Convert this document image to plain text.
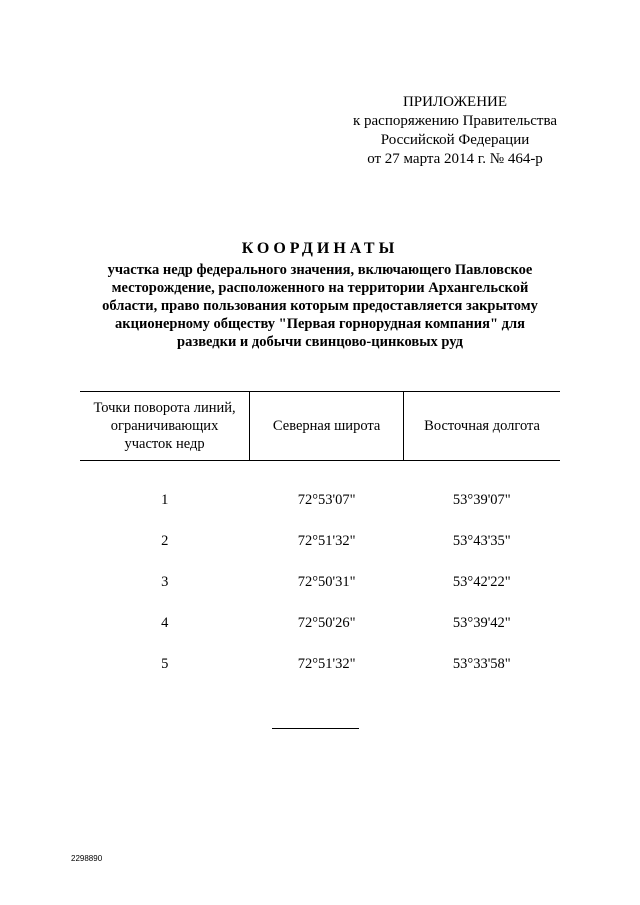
ПРИЛОЖЕНИЕ
к распоряжению Правительства
Российской Федерации
от 27 марта 2014 г. № 464-р
КООРДИНАТЫ
участка недр федерального значения, включающего Павловское
месторождение, расположенного на территории Архангельской
области, право пользования которым предоставляется закрытому
акционерному обществу "Первая горнорудная компания" для
разведки и добычи свинцово-цинковых руд
Точки поворота линий,
ограничивающих
участок недр	Северная широта	Восточная долгота
1	72°53'07"	53°39'07"
2	72°51'32"	53°43'35"
3	72°50'31"	53°42'22"
4	72°50'26"	53°39'42"
5	72°51'32"	53°33'58"
2298890
